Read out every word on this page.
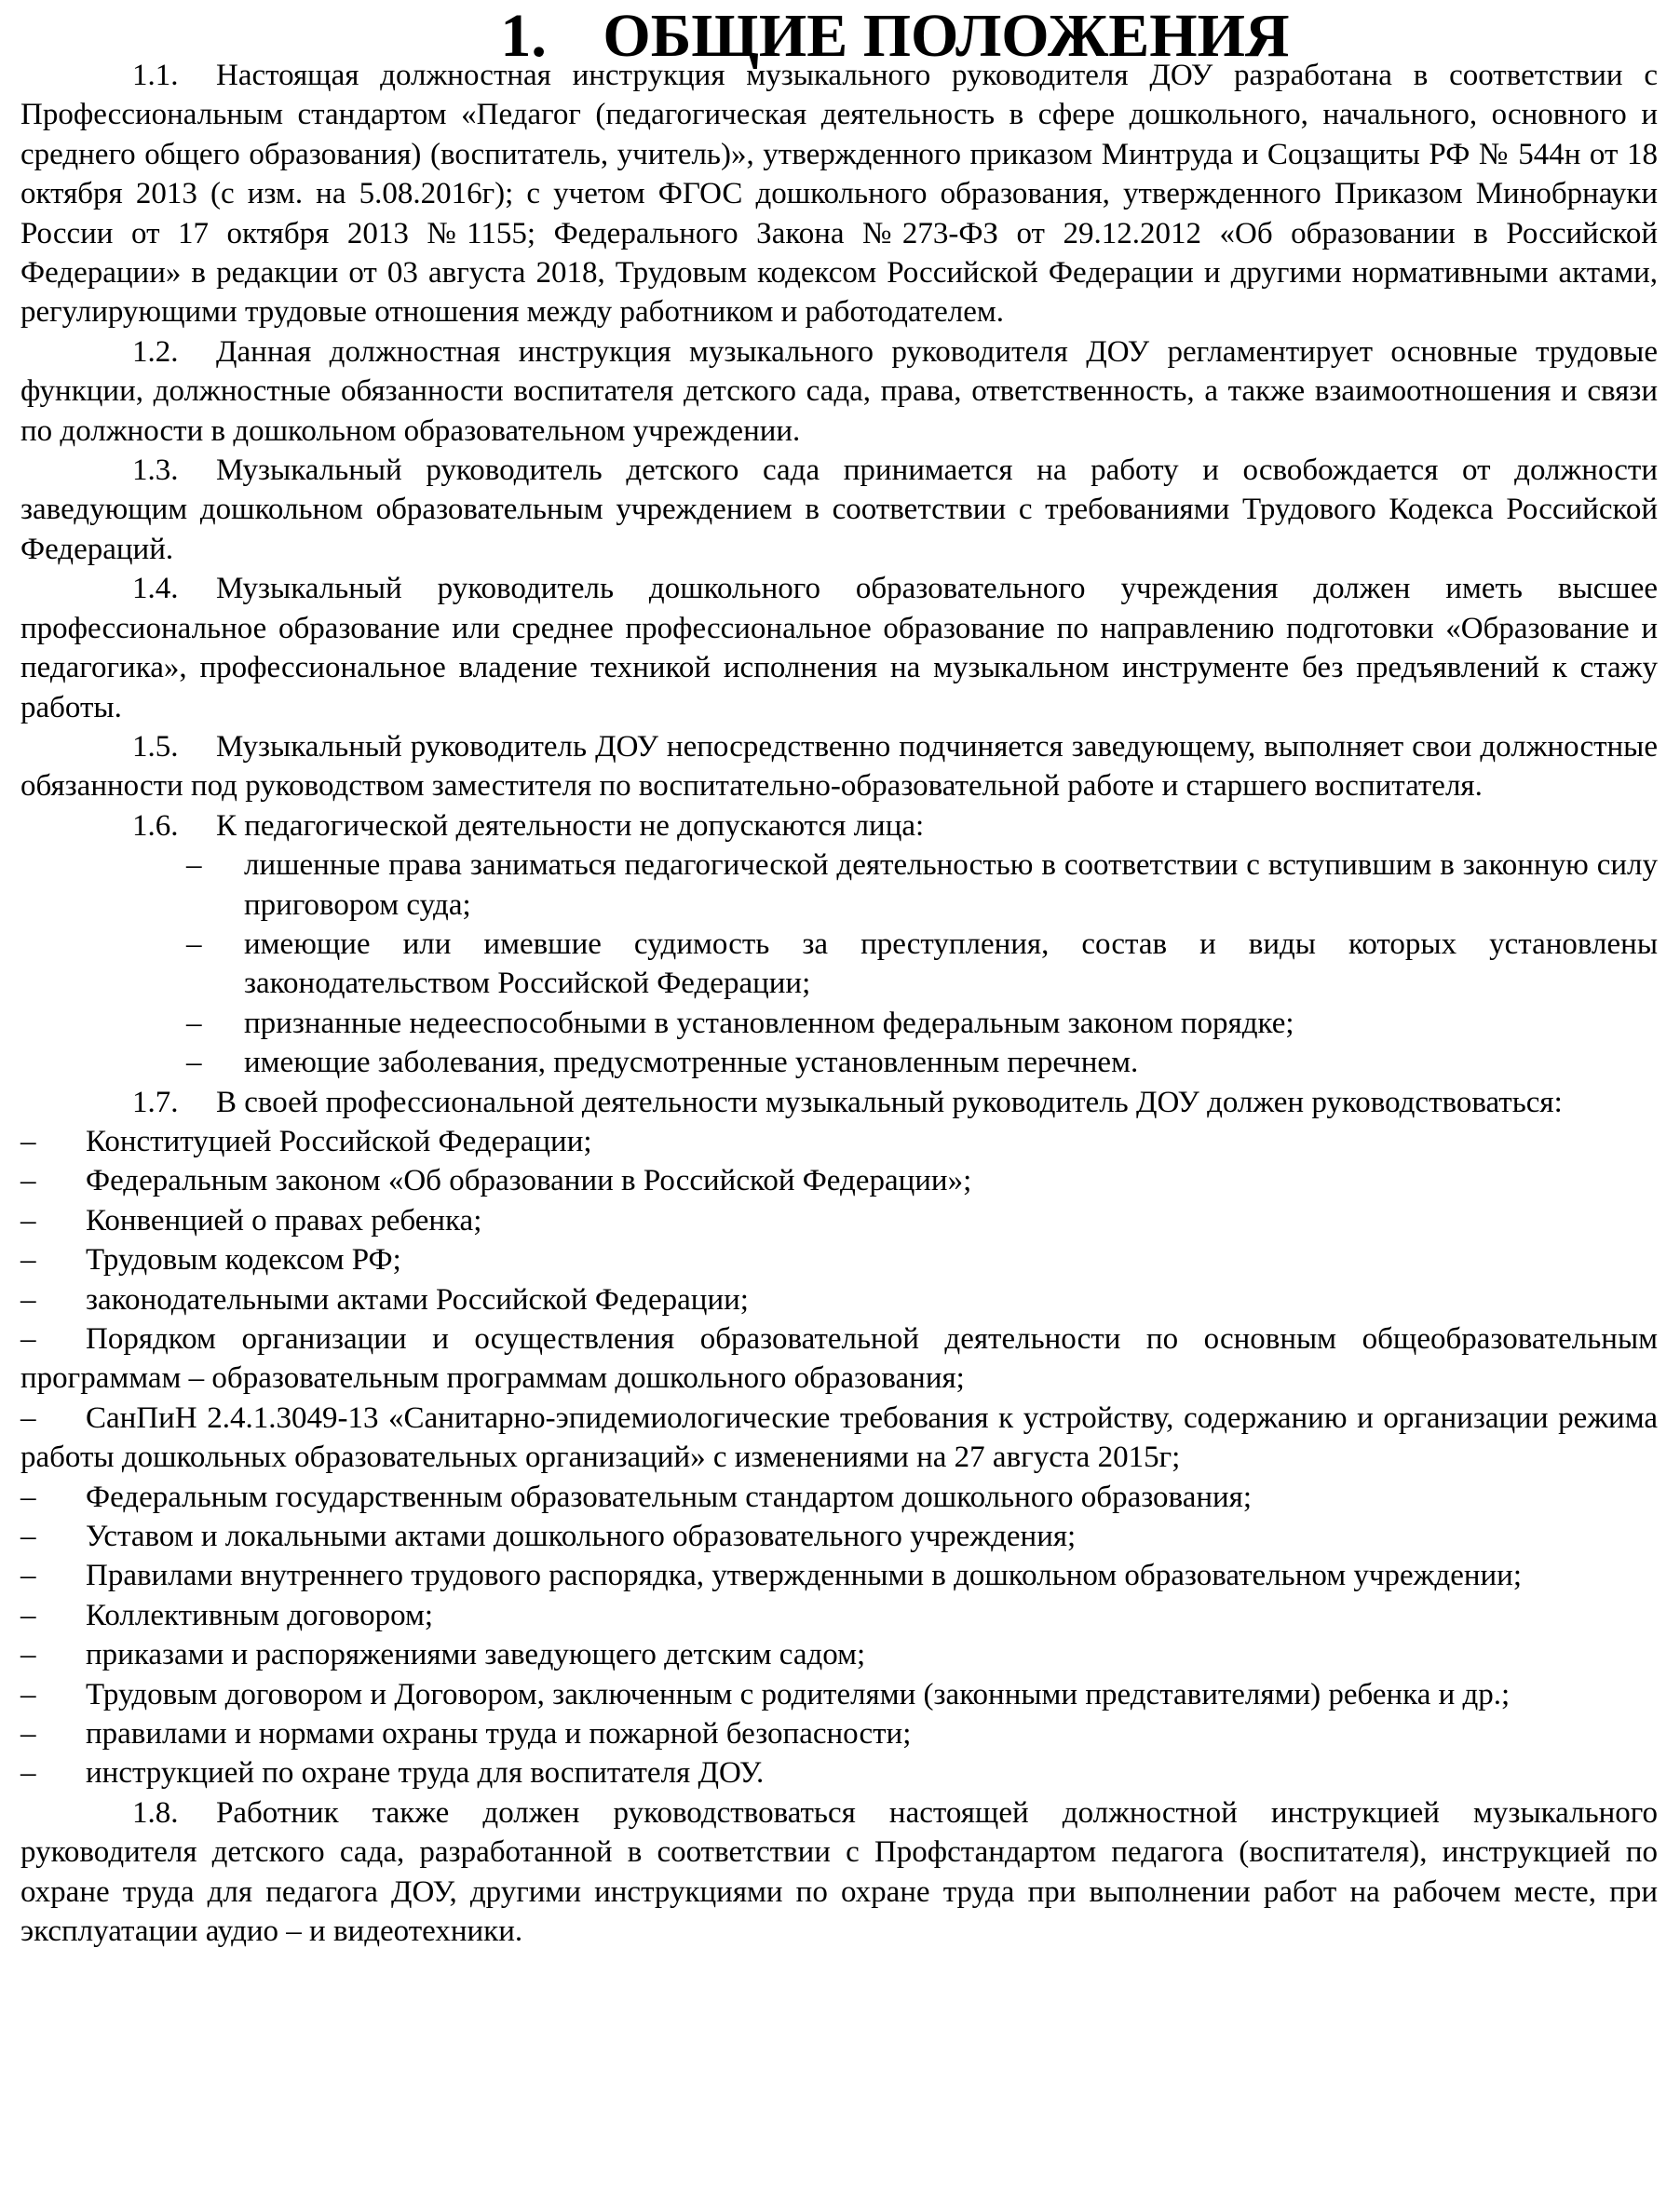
1. ОБЩИЕ ПОЛОЖЕНИЯ

1.1. Настоящая должностная инструкция музыкального руководителя ДОУ разработана в соответствии с Профессиональным стандартом «Педагог (педагогическая деятельность в сфере дошкольного, начального, основного и среднего общего образования) (воспитатель, учитель)», утвержденного приказом Минтруда и Соцзащиты РФ № 544н от 18 октября 2013 (с изм. на 5.08.2016г); с учетом ФГОС дошкольного образования, утвержденного Приказом Минобрнауки России от 17 октября 2013 №1155; Федерального Закона №273-ФЗ от 29.12.2012 «Об образовании в Российской Федерации» в редакции от 03 августа 2018, Трудовым кодексом Российской Федерации и другими нормативными актами, регулирующими трудовые отношения между работником и работодателем.

1.2. Данная должностная инструкция музыкального руководителя ДОУ регламентирует основные трудовые функции, должностные обязанности воспитателя детского сада, права, ответственность, а также взаимоотношения и связи по должности в дошкольном образовательном учреждении.

1.3. Музыкальный руководитель детского сада принимается на работу и освобождается от должности заведующим дошкольном образовательным учреждением в соответствии с требованиями Трудового Кодекса Российской Федераций.

1.4. Музыкальный руководитель дошкольного образовательного учреждения должен иметь высшее профессиональное образование или среднее профессиональное образование по направлению подготовки «Образование и педагогика», профессиональное владение техникой исполнения на музыкальном инструменте без предъявлений к стажу работы.

1.5. Музыкальный руководитель ДОУ непосредственно подчиняется заведующему, выполняет свои должностные обязанности под руководством заместителя по воспитательно-образовательной работе и старшего воспитателя.

1.6. К педагогической деятельности не допускаются лица:

– лишенные права заниматься педагогической деятельностью в соответствии с вступившим в законную силу приговором суда;
– имеющие или имевшие судимость за преступления, состав и виды которых установлены законодательством Российской Федерации;
– признанные недееспособными в установленном федеральным законом порядке;
– имеющие заболевания, предусмотренные установленным перечнем.

1.7. В своей профессиональной деятельности музыкальный руководитель ДОУ должен руководствоваться:

– Конституцией Российской Федерации;
– Федеральным законом «Об образовании в Российской Федерации»;
– Конвенцией о правах ребенка;
– Трудовым кодексом РФ;
– законодательными актами Российской Федерации;
– Порядком организации и осуществления образовательной деятельности по основным общеобразовательным программам – образовательным программам дошкольного образования;
– СанПиН 2.4.1.3049-13 «Санитарно-эпидемиологические требования к устройству, содержанию и организации режима работы дошкольных образовательных организаций» с изменениями на 27 августа 2015г;
– Федеральным государственным образовательным стандартом дошкольного образования;
– Уставом и локальными актами дошкольного образовательного учреждения;
– Правилами внутреннего трудового распорядка, утвержденными в дошкольном образовательном учреждении;
– Коллективным договором;
– приказами и распоряжениями заведующего детским садом;
– Трудовым договором и Договором, заключенным с родителями (законными представителями) ребенка и др.;
– правилами и нормами охраны труда и пожарной безопасности;
– инструкцией по охране труда для воспитателя ДОУ.

1.8. Работник также должен руководствоваться настоящей должностной инструкцией музыкального руководителя детского сада, разработанной в соответствии с Профстандартом педагога (воспитателя), инструкцией по охране труда для педагога ДОУ, другими инструкциями по охране труда при выполнении работ на рабочем месте, при эксплуатации аудио – и видеотехники.
